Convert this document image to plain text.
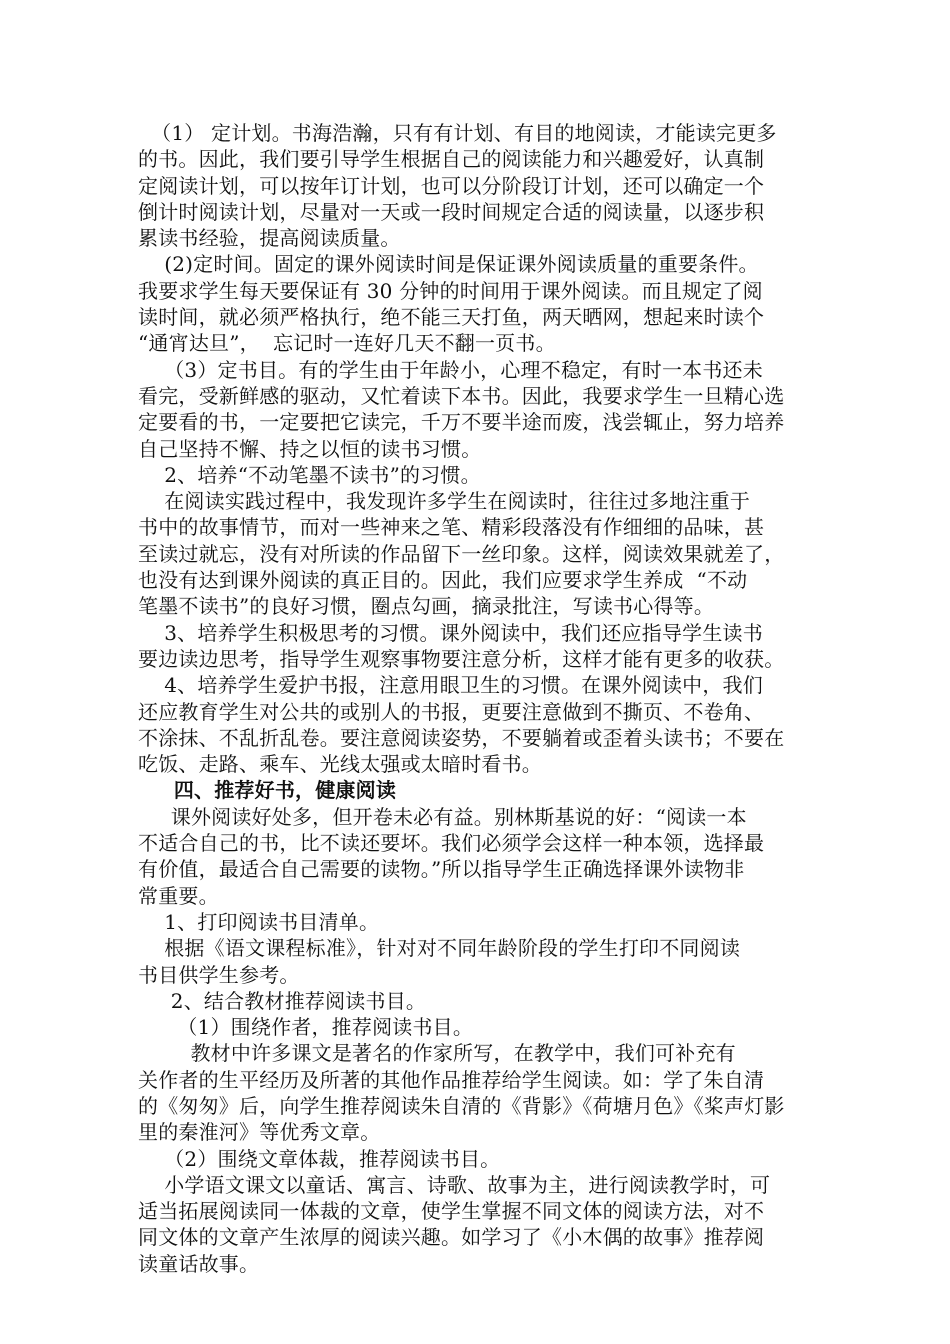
（1） 定计划。书海浩瀚，只有有计划、有目的地阅读，才能读完更多
的书。因此，我们要引导学生根据自己的阅读能力和兴趣爱好，认真制
定阅读计划，可以按年订计划，也可以分阶段订计划，还可以确定一个
倒计时阅读计划，尽量对一天或一段时间规定合适的阅读量，以逐步积
累读书经验，提高阅读质量。
(2)定时间。固定的课外阅读时间是保证课外阅读质量的重要条件。
我要求学生每天要保证有 30 分钟的时间用于课外阅读。而且规定了阅
读时间，就必须严格执行，绝不能三天打鱼，两天晒网，想起来时读个
“通宵达旦”，  忘记时一连好几天不翻一页书。
（3）定书目。有的学生由于年龄小，心理不稳定，有时一本书还未
看完，受新鲜感的驱动，又忙着读下本书。因此，我要求学生一旦精心选
定要看的书，一定要把它读完，千万不要半途而废，浅尝辄止，努力培养
自己坚持不懈、持之以恒的读书习惯。
2、培养“不动笔墨不读书”的习惯。
在阅读实践过程中，我发现许多学生在阅读时，往往过多地注重于
书中的故事情节，而对一些神来之笔、精彩段落没有作细细的品味，甚
至读过就忘，没有对所读的作品留下一丝印象。这样，阅读效果就差了，
也没有达到课外阅读的真正目的。因此，我们应要求学生养成  “不动
笔墨不读书”的良好习惯，圈点勾画，摘录批注，写读书心得等。
3、培养学生积极思考的习惯。课外阅读中，我们还应指导学生读书
要边读边思考，指导学生观察事物要注意分析，这样才能有更多的收获。
4、培养学生爱护书报，注意用眼卫生的习惯。在课外阅读中，我们
还应教育学生对公共的或别人的书报，更要注意做到不撕页、不卷角、
不涂抹、不乱折乱卷。要注意阅读姿势，不要躺着或歪着头读书；不要在
吃饭、走路、乘车、光线太强或太暗时看书。
四、推荐好书，健康阅读
课外阅读好处多，但开卷未必有益。别林斯基说的好：“阅读一本
不适合自己的书，比不读还要坏。我们必须学会这样一种本领，选择最
有价值，最适合自己需要的读物。”所以指导学生正确选择课外读物非
常重要。
1、打印阅读书目清单。
根据《语文课程标准》，针对对不同年龄阶段的学生打印不同阅读
书目供学生参考。
2、结合教材推荐阅读书目。
（1）围绕作者，推荐阅读书目。
教材中许多课文是著名的作家所写，在教学中，我们可补充有
关作者的生平经历及所著的其他作品推荐给学生阅读。如：学了朱自清
的《匆匆》后，向学生推荐阅读朱自清的《背影》《荷塘月色》《桨声灯影
里的秦淮河》等优秀文章。
（2）围绕文章体裁，推荐阅读书目。
小学语文课文以童话、寓言、诗歌、故事为主，进行阅读教学时，可
适当拓展阅读同一体裁的文章，使学生掌握不同文体的阅读方法，对不
同文体的文章产生浓厚的阅读兴趣。如学习了《小木偶的故事》推荐阅
读童话故事。
